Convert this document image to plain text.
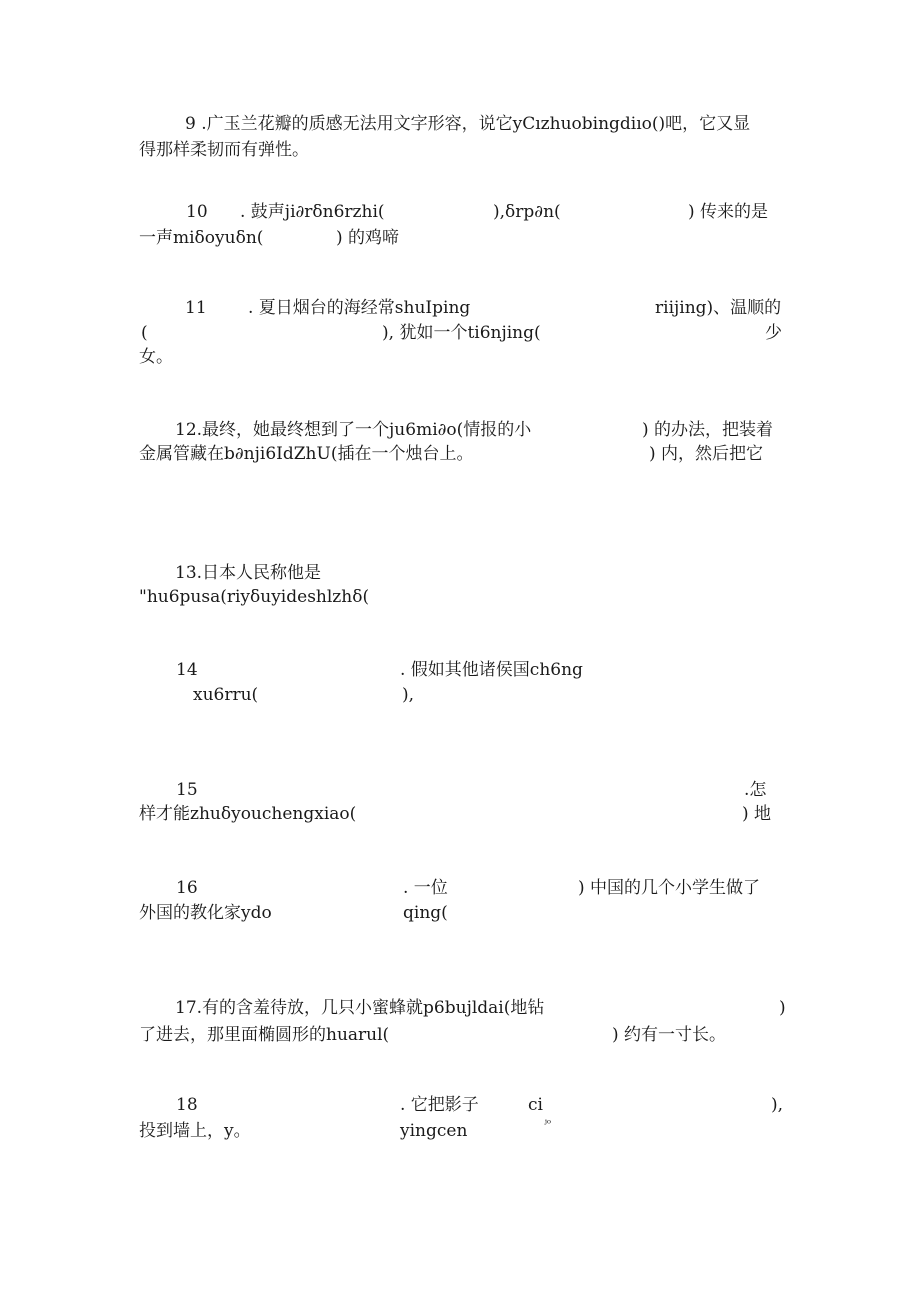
9 .广玉兰花瓣的质感无法用文字形容，说它yCızhuobingdiıo()吧，它又显
得那样柔韧而有弹性。
10 . 鼓声ji∂rδn6rzhi(	),δrp∂n(	) 传来的是
一声miδoyuδn(	) 的鸡啼
11 . 夏日烟台的海经常shuIping	riijing)、温顺的
(	), 犹如一个ti6njing(	少
女。
12.最终，她最终想到了一个ju6mi∂o(情报的小	) 的办法，把装着
金属管藏在b∂nji6IdZhU(插在一个烛台上。	) 内，然后把它
13.日本人民称他是
"hu6pusa(riyδuyideshlzhδ(
14	. 假如其他诸侯国ch6ng
xu6rru(	),
15	.怎
样才能zhuδyouchengxiao(	) 地
16	. 一位	) 中国的几个小学生做了
外国的教化家ydo	qing(
17.有的含羞待放，几只小蜜蜂就p6bujldai(地钻	)
了进去，那里面椭圆形的huarul(	) 约有一寸长。
18	. 它把影子	ci	),
投到墙上，y。	yingcen	ʲᵒ
